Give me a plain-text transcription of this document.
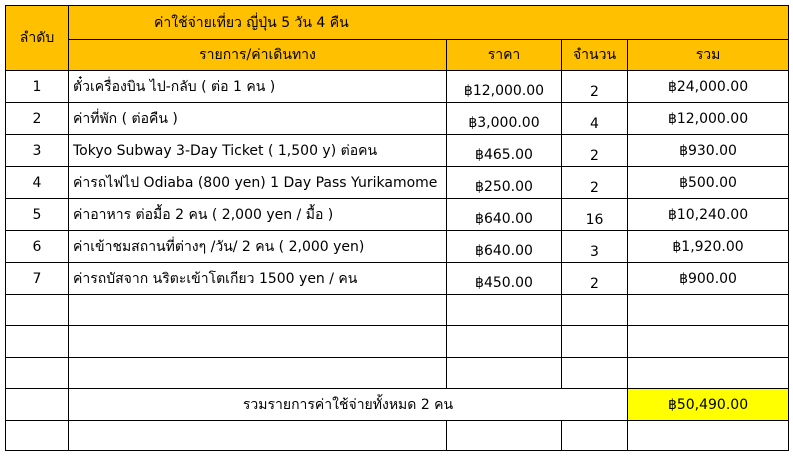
ลำดับ	ค่าใช้จ่ายเที่ยว ญี่ปุ่น 5 วัน 4 คืน			
	รายการ/ค่าเดินทาง	ราคา	จำนวน	รวม
1	ตั๋วเครื่องบิน ไป-กลับ ( ต่อ 1 คน )	฿12,000.00	2	฿24,000.00
2	ค่าที่พัก ( ต่อคืน )	฿3,000.00	4	฿12,000.00
3	Tokyo Subway 3-Day Ticket ( 1,500 y) ต่อคน	฿465.00	2	฿930.00
4	ค่ารถไฟไป Odiaba (800 yen) 1 Day Pass Yurikamome	฿250.00	2	฿500.00
5	ค่าอาหาร ต่อมื้อ 2 คน ( 2,000 yen / มื้อ )	฿640.00	16	฿10,240.00
6	ค่าเข้าชมสถานที่ต่างๆ /วัน/ 2 คน ( 2,000 yen)	฿640.00	3	฿1,920.00
7	ค่ารถบัสจาก นริตะเข้าโตเกียว 1500 yen / คน	฿450.00	2	฿900.00

	รวมรายการค่าใช้จ่ายทั้งหมด 2 คน			฿50,490.00
